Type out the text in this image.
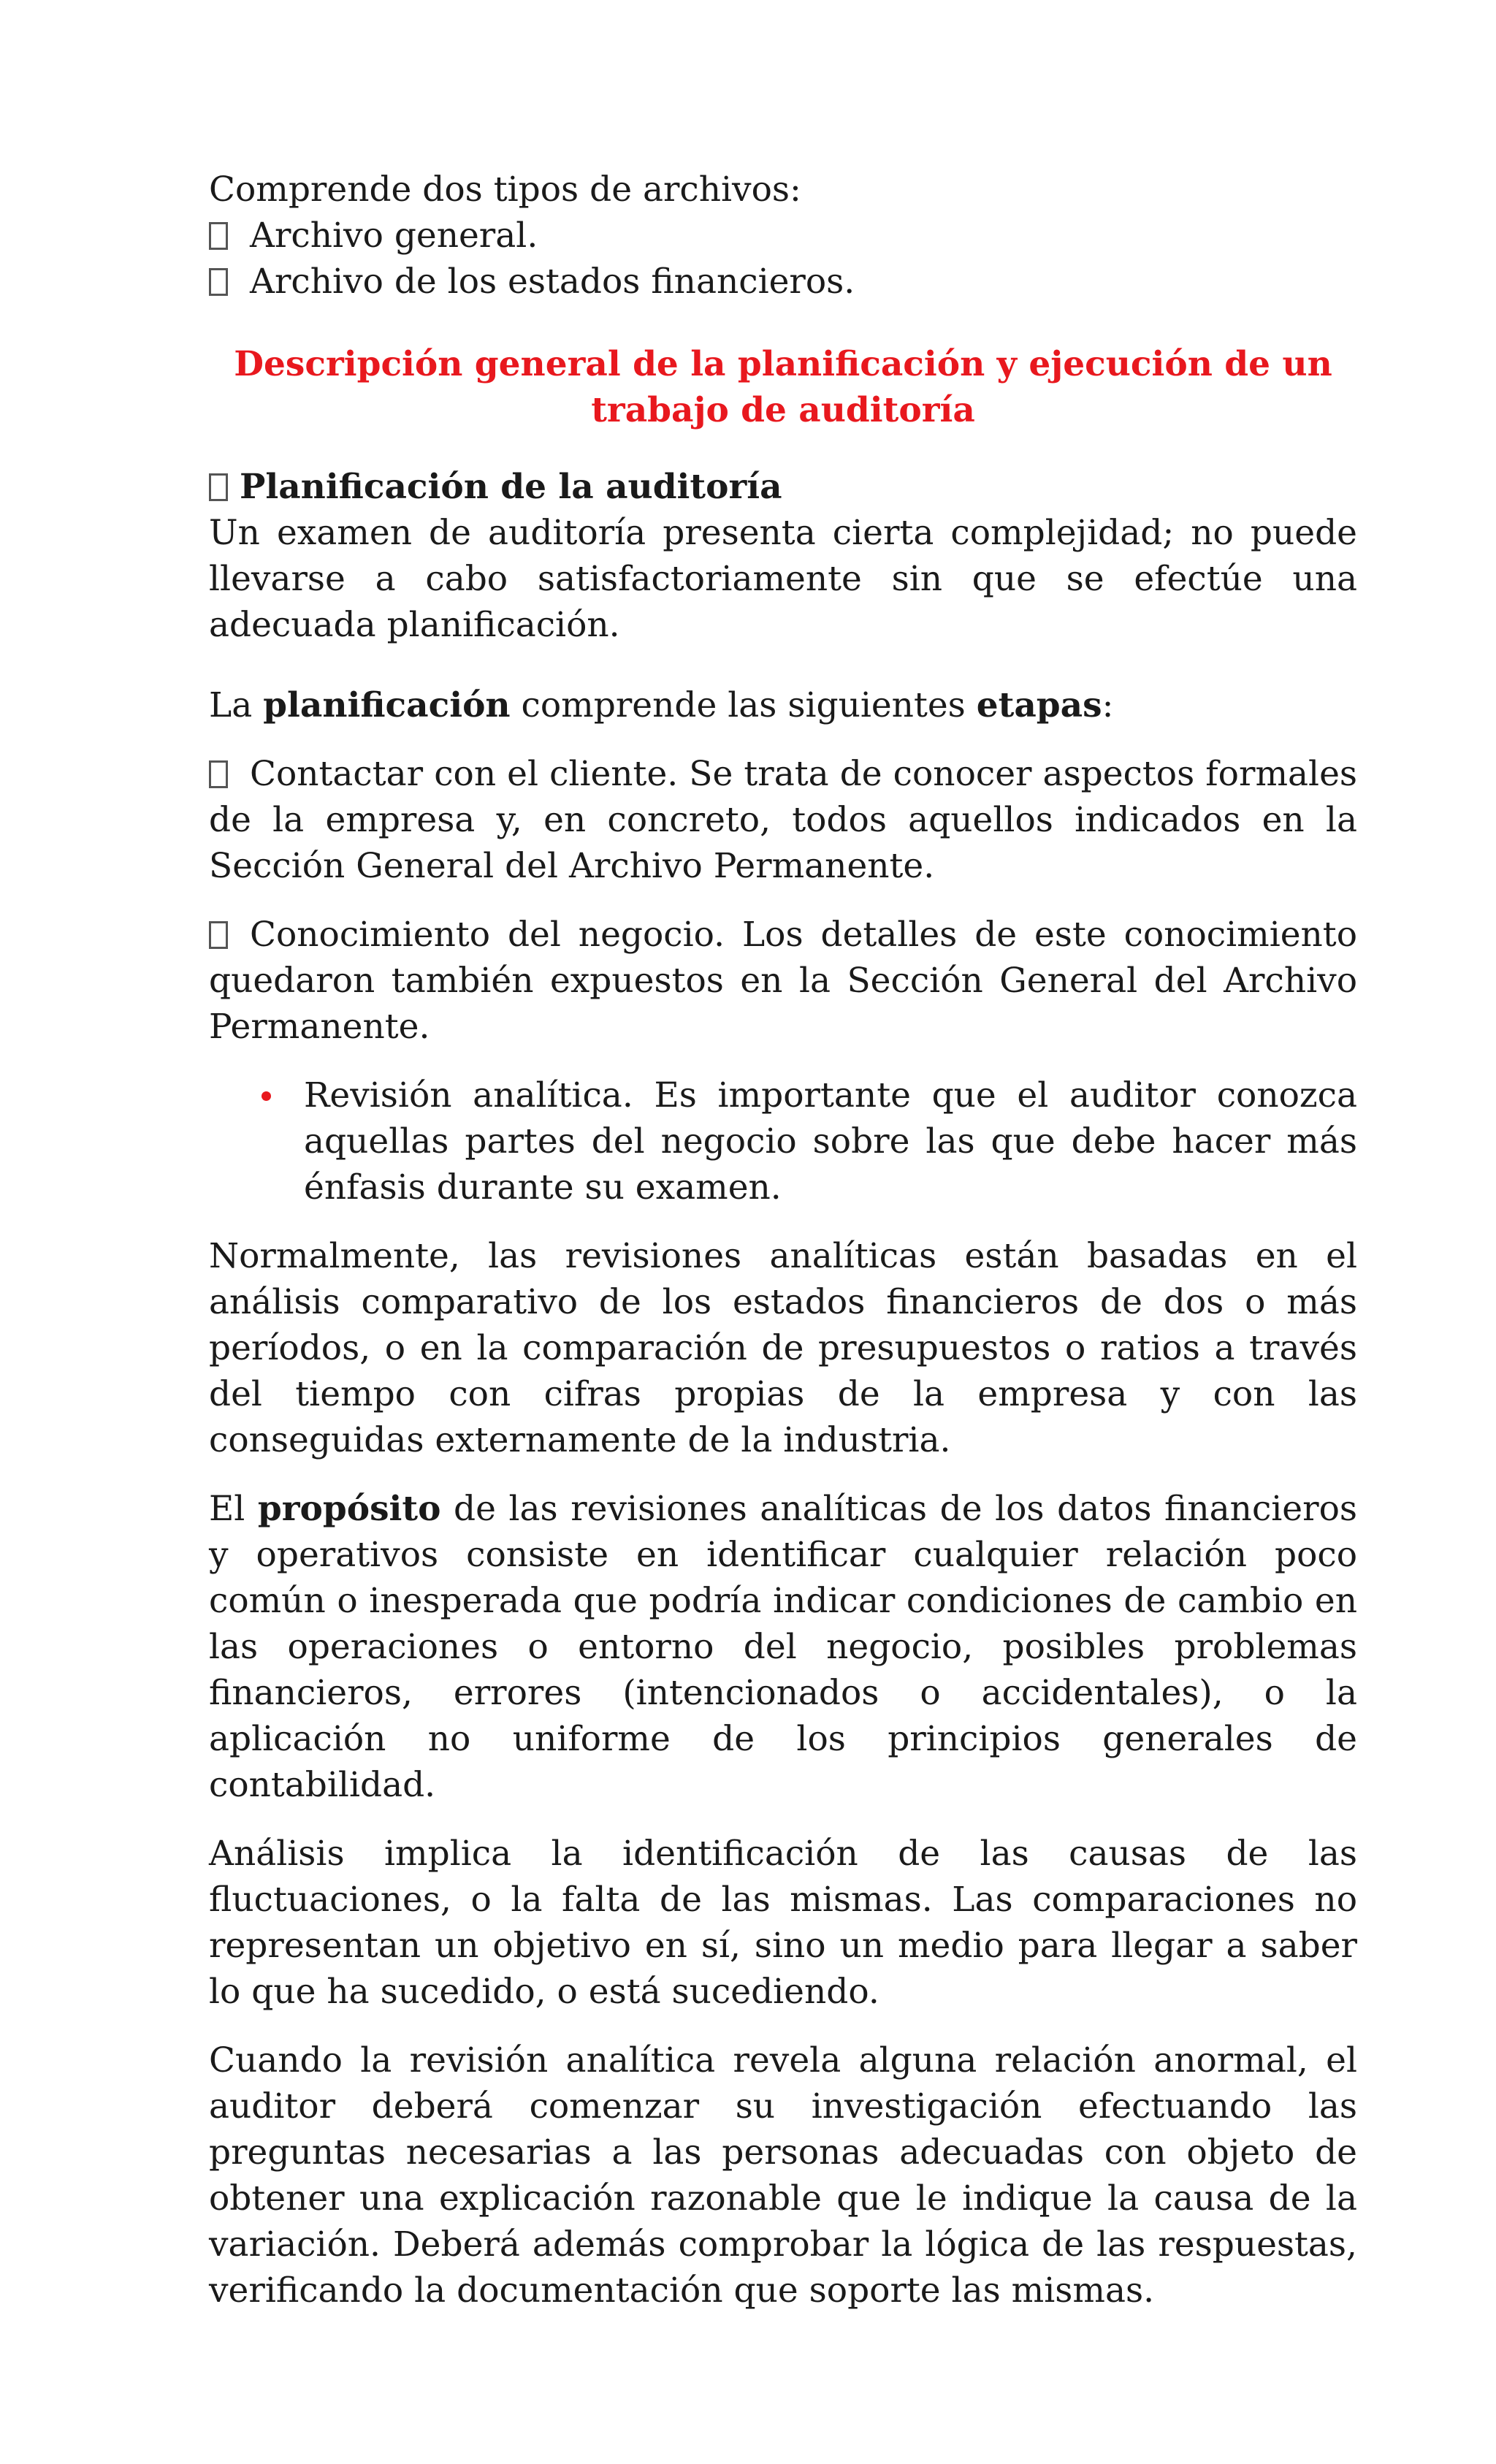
Comprende dos tipos de archivos:

Archivo general.

Archivo de los estados financieros.

Descripción general de la planificación y ejecución de un
trabajo de auditoría

Planificación de la auditoría

Un examen de auditoría presenta cierta complejidad; no puede llevarse a cabo satisfactoriamente sin que se efectúe una adecuada planificación.

La planificación comprende las siguientes etapas:

Contactar con el cliente. Se trata de conocer aspectos formales de la empresa y, en concreto, todos aquellos indicados en la Sección General del Archivo Permanente.

Conocimiento del negocio. Los detalles de este conocimiento quedaron también expuestos en la Sección General del Archivo Permanente.

Revisión analítica. Es importante que el auditor conozca aquellas partes del negocio sobre las que debe hacer más énfasis durante su examen.

Normalmente, las revisiones analíticas están basadas en el análisis comparativo de los estados financieros de dos o más períodos, o en la comparación de presupuestos o ratios a través del tiempo con cifras propias de la empresa y con las conseguidas externamente de la industria.

El propósito de las revisiones analíticas de los datos financieros y operativos consiste en identificar cualquier relación poco común o inesperada que podría indicar condiciones de cambio en las operaciones o entorno del negocio, posibles problemas financieros, errores (intencionados o accidentales), o la aplicación no uniforme de los principios generales de contabilidad.

Análisis implica la identificación de las causas de las fluctuaciones, o la falta de las mismas. Las comparaciones no representan un objetivo en sí, sino un medio para llegar a saber lo que ha sucedido, o está sucediendo.

Cuando la revisión analítica revela alguna relación anormal, el auditor deberá comenzar su investigación efectuando las preguntas necesarias a las personas adecuadas con objeto de obtener una explicación razonable que le indique la causa de la variación. Deberá además comprobar la lógica de las respuestas, verificando la documentación que soporte las mismas.
